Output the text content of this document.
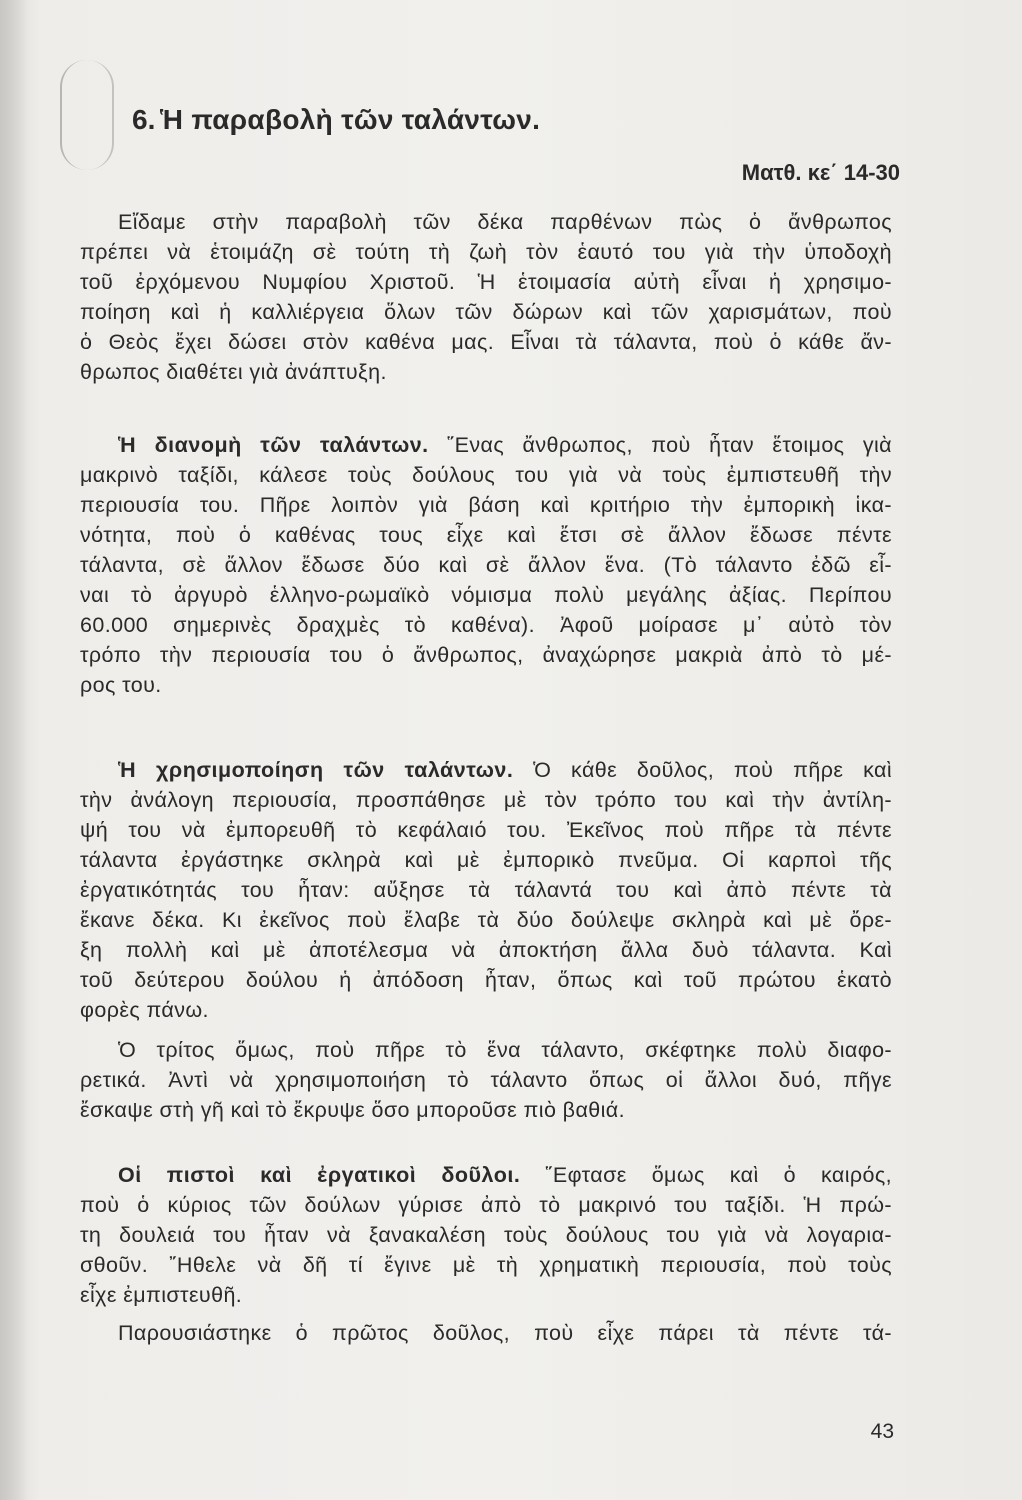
6. Ἡ παραβολὴ τῶν ταλάντων.
Ματθ. κε΄ 14-30
Εἴδαμε στὴν παραβολὴ τῶν δέκα παρθένων πὼς ὁ ἄνθρωπος
πρέπει νὰ ἑτοιμάζη σὲ τούτη τὴ ζωὴ τὸν ἑαυτό του γιὰ τὴν ὑποδοχὴ
τοῦ ἐρχόμενου Νυμφίου Χριστοῦ. Ἡ ἑτοιμασία αὐτὴ εἶναι ἡ χρησιμο-
ποίηση καὶ ἡ καλλιέργεια ὅλων τῶν δώρων καὶ τῶν χαρισμάτων, ποὺ
ὁ Θεὸς ἔχει δώσει στὸν καθένα μας. Εἶναι τὰ τάλαντα, ποὺ ὁ κάθε ἄν-
θρωπος διαθέτει γιὰ ἀνάπτυξη.
Ἡ διανομὴ τῶν ταλάντων. ῞Ενας ἄνθρωπος, ποὺ ἦταν ἕτοιμος γιὰ
μακρινὸ ταξίδι, κάλεσε τοὺς δούλους του γιὰ νὰ τοὺς ἐμπιστευθῆ τὴν
περιουσία του. Πῆρε λοιπὸν γιὰ βάση καὶ κριτήριο τὴν ἐμπορικὴ ἱκα-
νότητα, ποὺ ὁ καθένας τους εἶχε καὶ ἔτσι σὲ ἄλλον ἔδωσε πέντε
τάλαντα, σὲ ἄλλον ἔδωσε δύο καὶ σὲ ἄλλον ἕνα. (Τὸ τάλαντο ἐδῶ εἶ-
ναι τὸ ἀργυρὸ ἑλληνο-ρωμαϊκὸ νόμισμα πολὺ μεγάλης ἀξίας. Περίπου
60.000 σημερινὲς δραχμὲς τὸ καθένα). Ἀφοῦ μοίρασε μ᾿ αὐτὸ τὸν
τρόπο τὴν περιουσία του ὁ ἄνθρωπος, ἀναχώρησε μακριὰ ἀπὸ τὸ μέ-
ρος του.
Ἡ χρησιμοποίηση τῶν ταλάντων. Ὁ κάθε δοῦλος, ποὺ πῆρε καὶ
τὴν ἀνάλογη περιουσία, προσπάθησε μὲ τὸν τρόπο του καὶ τὴν ἀντίλη-
ψή του νὰ ἐμπορευθῆ τὸ κεφάλαιό του. Ἐκεῖνος ποὺ πῆρε τὰ πέντε
τάλαντα ἐργάστηκε σκληρὰ καὶ μὲ ἐμπορικὸ πνεῦμα. Οἱ καρποὶ τῆς
ἐργατικότητάς του ἦταν: αὔξησε τὰ τάλαντά του καὶ ἀπὸ πέντε τὰ
ἔκανε δέκα. Κι ἐκεῖνος ποὺ ἔλαβε τὰ δύο δούλεψε σκληρὰ καὶ μὲ ὄρε-
ξη πολλὴ καὶ μὲ ἀποτέλεσμα νὰ ἀποκτήση ἄλλα δυὸ τάλαντα. Καὶ
τοῦ δεύτερου δούλου ἡ ἀπόδοση ἦταν, ὅπως καὶ τοῦ πρώτου ἑκατὸ
φορὲς πάνω.
Ὁ τρίτος ὅμως, ποὺ πῆρε τὸ ἕνα τάλαντο, σκέφτηκε πολὺ διαφο-
ρετικά. Ἀντὶ νὰ χρησιμοποιήση τὸ τάλαντο ὅπως οἱ ἄλλοι δυό, πῆγε
ἔσκαψε στὴ γῆ καὶ τὸ ἔκρυψε ὅσο μποροῦσε πιὸ βαθιά.
Οἱ πιστοὶ καὶ ἐργατικοὶ δοῦλοι. ῞Εφτασε ὅμως καὶ ὁ καιρός,
ποὺ ὁ κύριος τῶν δούλων γύρισε ἀπὸ τὸ μακρινό του ταξίδι. Ἡ πρώ-
τη δουλειά του ἦταν νὰ ξανακαλέση τοὺς δούλους του γιὰ νὰ λογαρια-
σθοῦν. ῎Ηθελε νὰ δῆ τί ἔγινε μὲ τὴ χρηματικὴ περιουσία, ποὺ τοὺς
εἶχε ἐμπιστευθῆ.
Παρουσιάστηκε ὁ πρῶτος δοῦλος, ποὺ εἶχε πάρει τὰ πέντε τά-
43
